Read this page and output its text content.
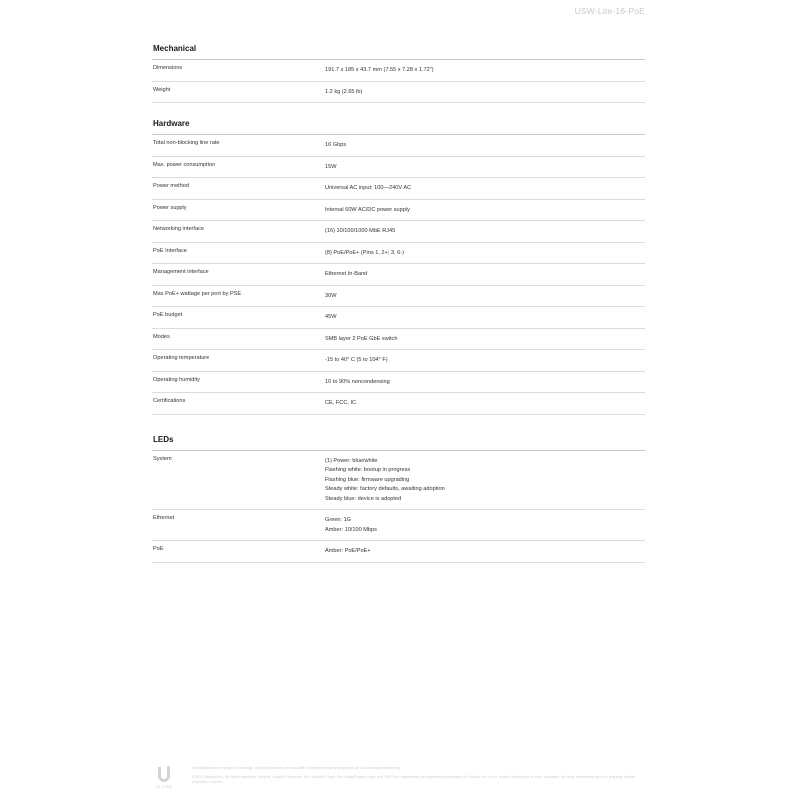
USW-Lite-16-PoE
Mechanical
Dimensions	191.7 x 185 x 43.7 mm (7.55 x 7.28 x 1.72")
Weight	1.2 kg (2.65 lb)
Hardware
Total non-blocking line rate	16 Gbps
Max. power consumption	15W
Power method	Universal AC input: 100—240V AC
Power supply	Internal 60W AC/DC power supply
Networking interface	(16) 10/100/1000 MbE RJ45
PoE Interface	(8) PoE/PoE+ (Pins 1, 2+; 3, 6-)
Management interface	Ethernet In-Band
Max PoE+ wattage per port by PSE	30W
PoE budget	45W
Modes	SMB layer 2 PoE GbE switch
Operating temperature	-15 to 40° C (5 to 104° F)
Operating humidity	10 to 90% noncondensing
Certifications	CE, FCC, IC
LEDs
System	(1) Power: blue/white
Flashing white: bootup in progress
Flashing blue: firmware upgrading
Steady white: factory defaults, awaiting adoption
Steady blue: device is adopted
Ethernet	Green: 1G
Amber: 10/100 Mbps
PoE	Amber: PoE/PoE+
UI.COM
Specifications are subject to change. Ubiquiti products are sold with a limited warranty described at: ui.com/support/warranty
©2021 Ubiquiti Inc. All rights reserved. Ubiquiti, Ubiquiti Networks, the Ubiquiti U logo, the Ubiquiti beam logo, and UniFi are trademarks or registered trademarks of Ubiquiti Inc. in the United States and in other countries. All other trademarks are the property of their respective owners.
